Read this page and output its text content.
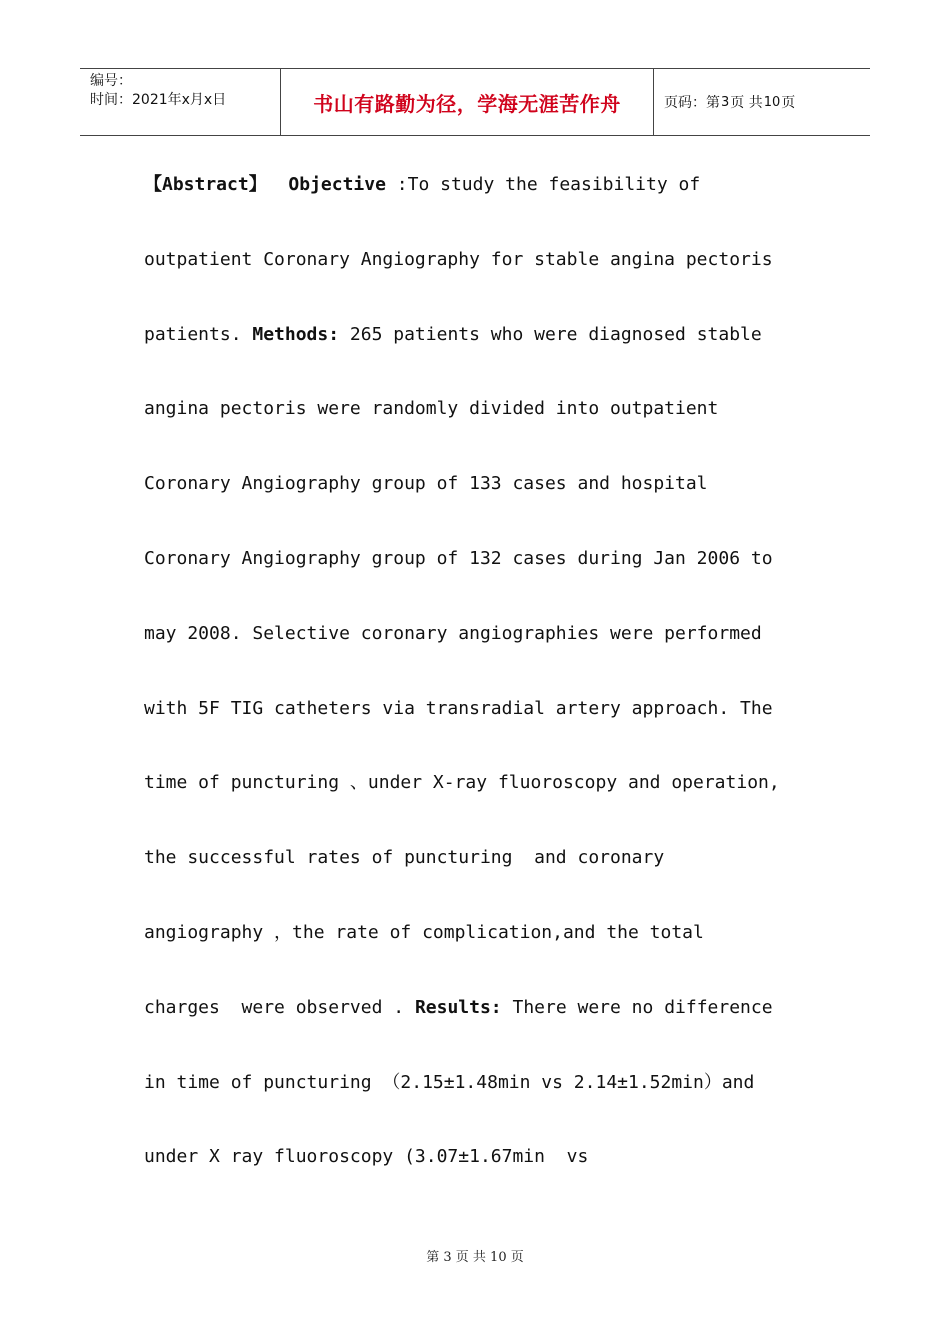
编号：
时间：2021年x月x日	书山有路勤为径，学海无涯苦作舟	页码：第 3 页 共 10 页
【Abstract】 Objective :To study the feasibility of
outpatient Coronary Angiography for stable angina pectoris
patients. Methods: 265 patients who were diagnosed stable
angina pectoris were randomly divided into outpatient
Coronary Angiography group of 133 cases and hospital
Coronary Angiography group of 132 cases during Jan 2006 to
may 2008. Selective coronary angiographies were performed
with 5F TIG catheters via transradial artery approach. The
time of puncturing 、under X-ray fluoroscopy and operation,
the successful rates of puncturing  and coronary
angiography ，the rate of complication,and the total
charges  were observed . Results: There were no difference
in time of puncturing （2.15±1.48min vs 2.14±1.52min）and
under X ray fluoroscopy (3.07±1.67min  vs
第 3 页 共 10 页
